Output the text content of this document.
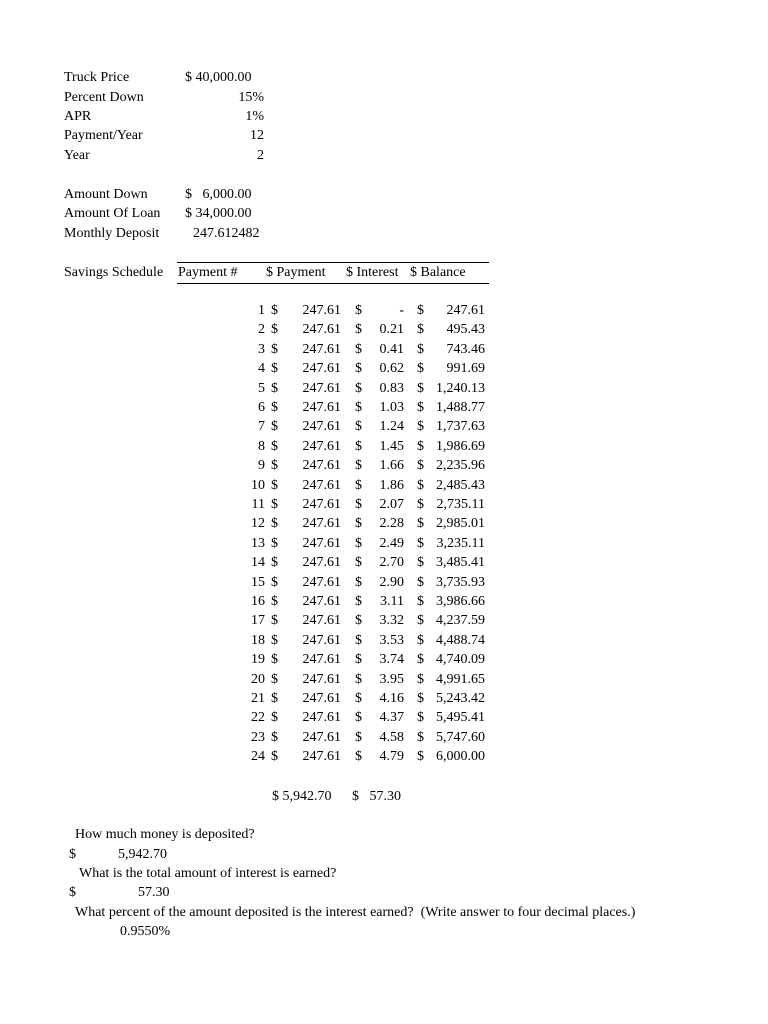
Truck Price	$ 40,000.00
Percent Down	15%
APR	1%
Payment/Year	12
Year	2
Amount Down	$   6,000.00
Amount Of Loan $ 34,000.00
Monthly Deposit 247.612482
Savings Schedule Payment # $ Payment $ Interest $ Balance
1 $ 247.61 $	- $ 247.61
2 $ 247.61 $ 0.21 $ 495.43
3 $ 247.61 $ 0.41 $ 743.46
4 $ 247.61 $ 0.62 $ 991.69
5 $ 247.61 $ 0.83 $ 1,240.13
6 $ 247.61 $ 1.03 $ 1,488.77
7 $ 247.61 $ 1.24 $ 1,737.63
8 $ 247.61 $ 1.45 $ 1,986.69
9 $ 247.61 $ 1.66 $ 2,235.96
10 $ 247.61 $ 1.86 $ 2,485.43
11 $ 247.61 $ 2.07 $ 2,735.11
12 $ 247.61 $ 2.28 $ 2,985.01
13 $ 247.61 $ 2.49 $ 3,235.11
14 $ 247.61 $ 2.70 $ 3,485.41
15 $ 247.61 $ 2.90 $ 3,735.93
16 $ 247.61 $ 3.11 $ 3,986.66
17 $ 247.61 $ 3.32 $ 4,237.59
18 $ 247.61 $ 3.53 $ 4,488.74
19 $ 247.61 $ 3.74 $ 4,740.09
20 $ 247.61 $ 3.95 $ 4,991.65
21 $ 247.61 $ 4.16 $ 5,243.42
22 $ 247.61 $ 4.37 $ 5,495.41
23 $ 247.61 $ 4.58 $ 5,747.60
24 $ 247.61 $ 4.79 $ 6,000.00
$ 5,942.70 $   57.30
How much money is deposited?
$	5,942.70
What is the total amount of interest is earned?
$	57.30
What percent of the amount deposited is the interest earned?  (Write answer to four decimal places.)
0.9550%
